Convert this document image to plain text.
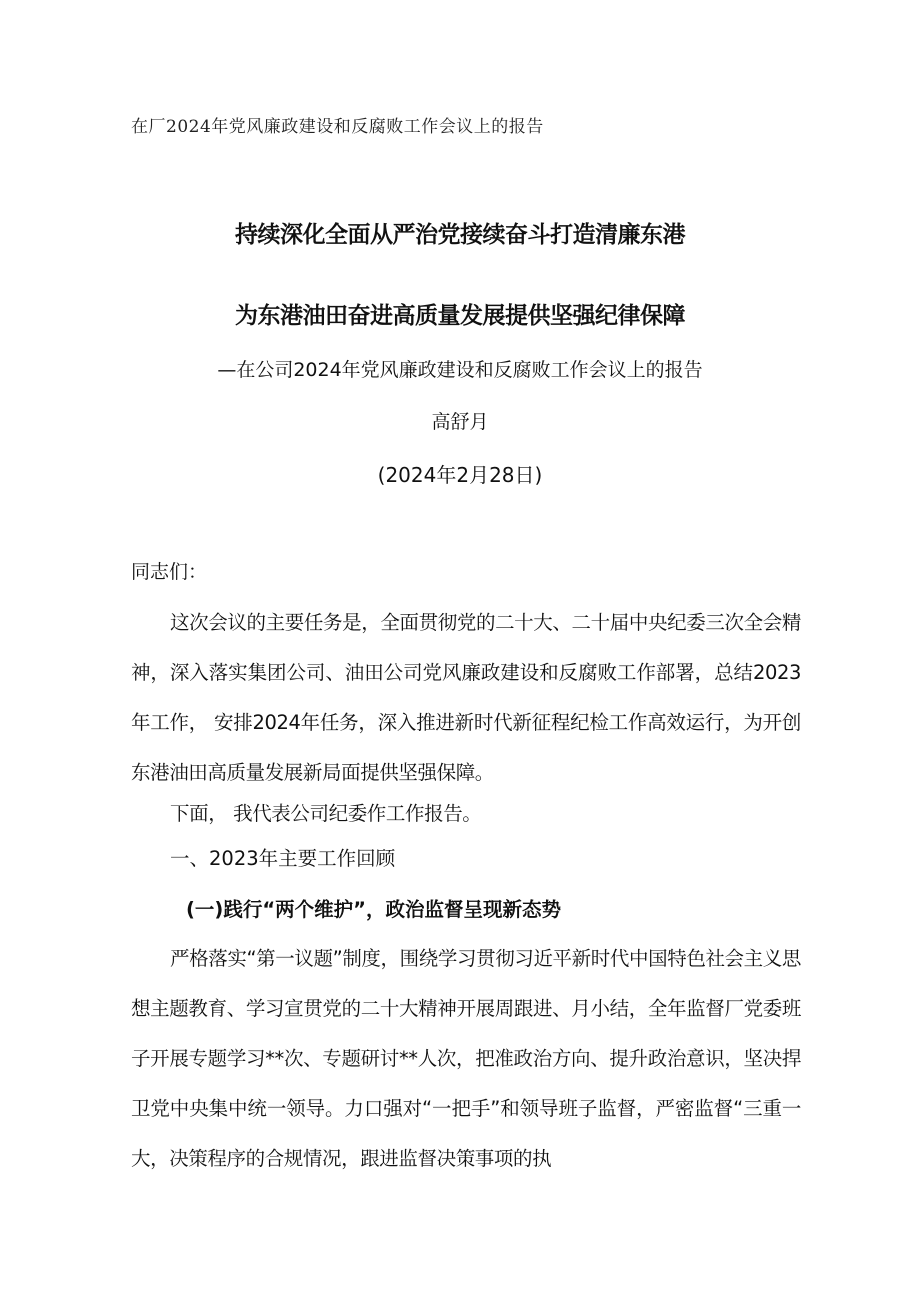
在厂2024年党风廉政建设和反腐败工作会议上的报告
持续深化全面从严治党接续奋斗打造清廉东港
为东港油田奋进高质量发展提供坚强纪律保障
—在公司2024年党风廉政建设和反腐败工作会议上的报告
高舒月
(2024年2月28日)
同志们：

这次会议的主要任务是，全面贯彻党的二十大、二十届中央纪委三次全会精神，深入落实集团公司、油田公司党风廉政建设和反腐败工作部署，总结2023年工作， 安排2024年任务，深入推进新时代新征程纪检工作高效运行，为开创东港油田高质量发展新局面提供坚强保障。

下面， 我代表公司纪委作工作报告。

一、2023年主要工作回顾
(一)践行“两个维护”，政治监督呈现新态势

严格落实“第一议题”制度，围绕学习贯彻习近平新时代中国特色社会主义思想主题教育、学习宣贯党的二十大精神开展周跟进、月小结，全年监督厂党委班子开展专题学习**次、专题研讨**人次，把准政治方向、提升政治意识，坚决捍卫党中央集中统一领导。力口强对“一把手”和领导班子监督，严密监督“三重一大，决策程序的合规情况，跟进监督决策事项的执
